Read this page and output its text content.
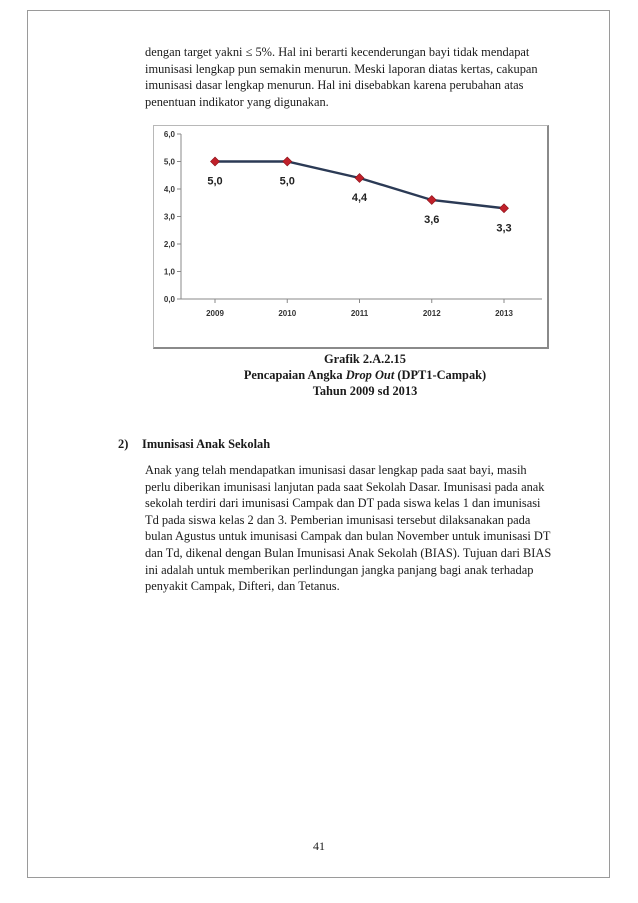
dengan target yakni ≤ 5%. Hal ini berarti kecenderungan bayi tidak mendapat

imunisasi lengkap pun semakin menurun. Meski laporan diatas kertas, cakupan

imunisasi dasar lengkap menurun. Hal ini disebabkan karena perubahan atas

penentuan indikator yang digunakan.

0,0
1,0
2,0
3,0
4,0
5,0
6,0
2009	2010	2011	2012	2013
5,0	5,0
4,4
3,6
3,3
Grafik 2.A.2.15
Pencapaian Angka Drop Out (DPT1-Campak)
Tahun 2009 sd 2013
2) Imunisasi Anak Sekolah

Anak yang telah mendapatkan imunisasi dasar lengkap pada saat bayi, masih

perlu diberikan imunisasi lanjutan pada saat Sekolah Dasar. Imunisasi pada anak

sekolah terdiri dari imunisasi Campak dan DT pada siswa kelas 1 dan imunisasi

Td pada siswa kelas 2 dan 3. Pemberian imunisasi tersebut dilaksanakan pada

bulan Agustus untuk imunisasi Campak dan bulan November untuk imunisasi DT

dan Td, dikenal dengan Bulan Imunisasi Anak Sekolah (BIAS). Tujuan dari BIAS

ini adalah untuk memberikan perlindungan jangka panjang bagi anak terhadap

penyakit Campak, Difteri, dan Tetanus.

41
